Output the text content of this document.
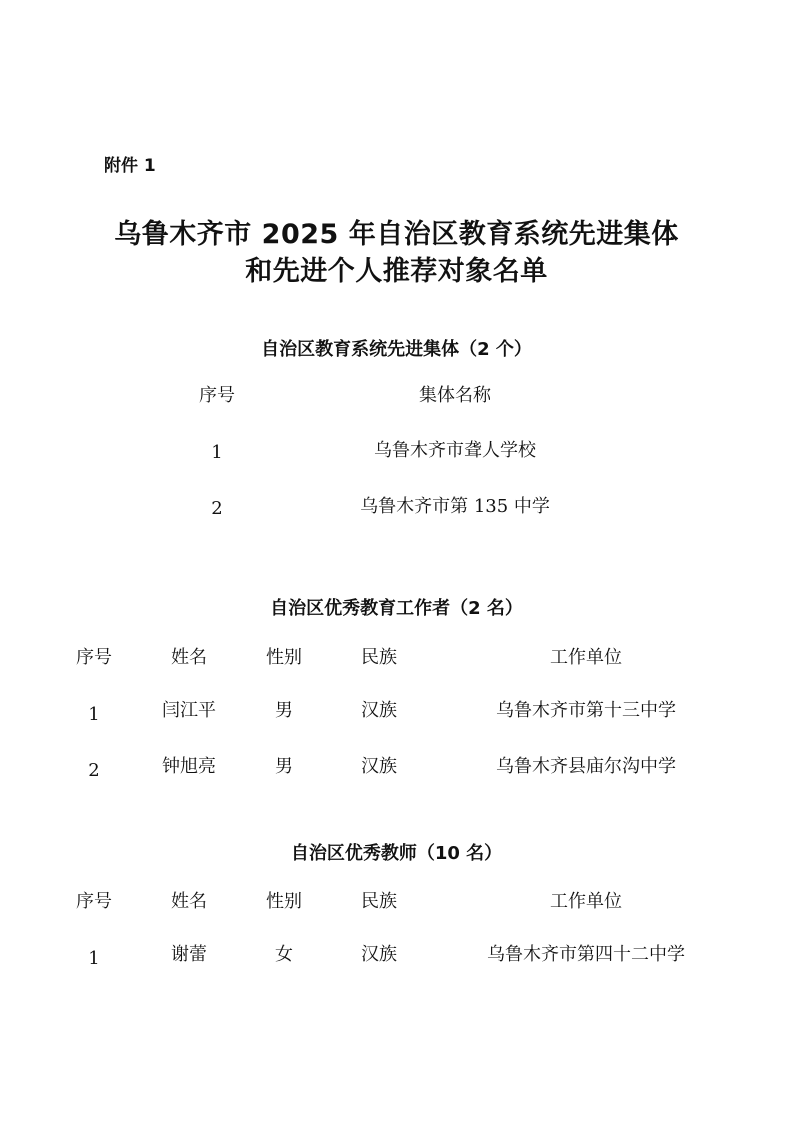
附件 1
乌鲁木齐市 2025 年自治区教育系统先进集体
和先进个人推荐对象名单
自治区教育系统先进集体（2 个）
序号	集体名称
1	乌鲁木齐市聋人学校
2	乌鲁木齐市第 135 中学
自治区优秀教育工作者（2 名）
序号	姓名	性别	民族	工作单位
1	闫江平	男	汉族	乌鲁木齐市第十三中学
2	钟旭亮	男	汉族	乌鲁木齐县庙尔沟中学
自治区优秀教师（10 名）
序号	姓名	性别	民族	工作单位
1	谢蕾	女	汉族	乌鲁木齐市第四十二中学
